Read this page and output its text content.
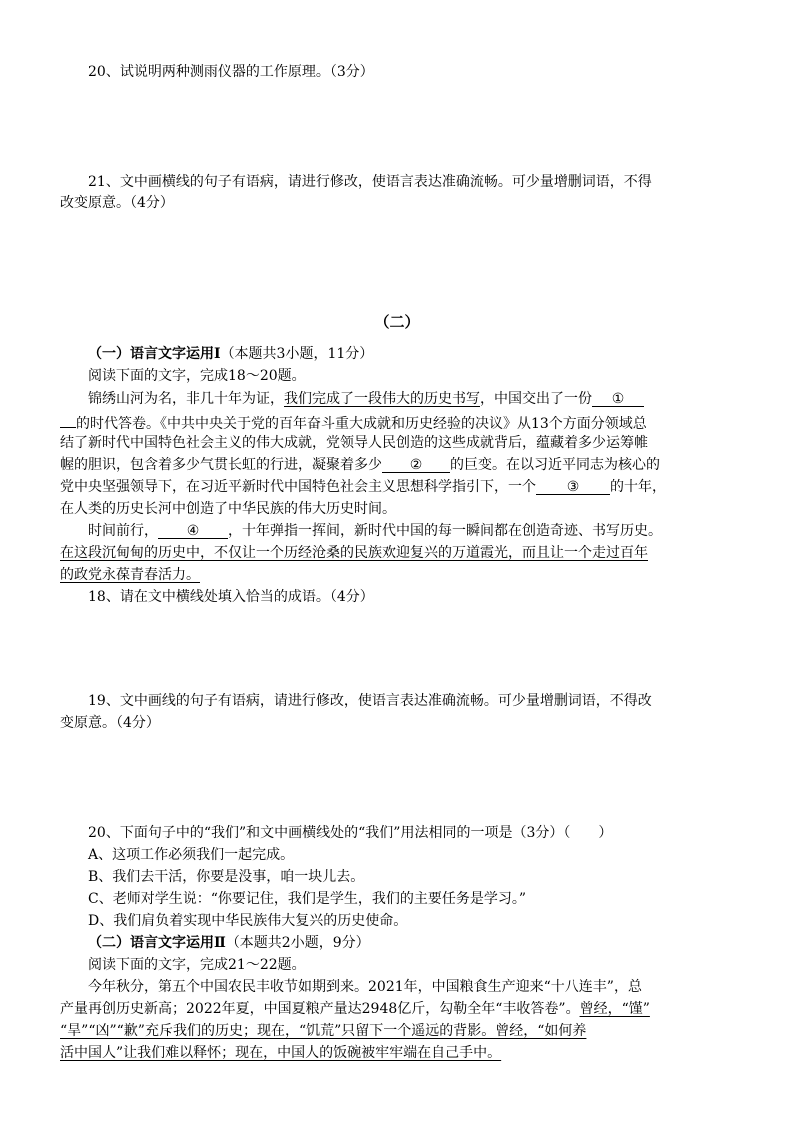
20、试说明两种测雨仪器的工作原理。（3分）
21、文中画横线的句子有语病，请进行修改，使语言表达准确流畅。可少量增删词语，不得
改变原意。（4分）
（二）
（一）语言文字运用Ⅰ（本题共3小题，11分）
阅读下面的文字，完成18～20题。
锦绣山河为名，非几十年为证，我们完成了一段伟大的历史书写，中国交出了一份 ①
的时代答卷。《中共中央关于党的百年奋斗重大成就和历史经验的决议》从13个方面分领域总
结了新时代中国特色社会主义的伟大成就，党领导人民创造的这些成就背后，蕴藏着多少运筹帷
幄的胆识，包含着多少气贯长虹的行进，凝聚着多少 ② 的巨变。在以习近平同志为核心的
党中央坚强领导下，在习近平新时代中国特色社会主义思想科学指引下，一个 ③ 的十年，
在人类的历史长河中创造了中华民族的伟大历史时间。
时间前行， ④ ，十年弹指一挥间，新时代中国的每一瞬间都在创造奇迹、书写历史。
在这段沉甸甸的历史中，不仅让一个历经沧桑的民族欢迎复兴的万道霞光，而且让一个走过百年
的政党永葆青春活力。
18、请在文中横线处填入恰当的成语。（4分）
19、文中画线的句子有语病，请进行修改，使语言表达准确流畅。可少量增删词语，不得改
变原意。（4分）
20、下面句子中的“我们”和文中画横线处的“我们”用法相同的一项是（3分）（　　）
A、这项工作必须我们一起完成。
B、我们去干活，你要是没事，咱一块儿去。
C、老师对学生说：“你要记住，我们是学生，我们的主要任务是学习。”
D、我们肩负着实现中华民族伟大复兴的历史使命。
（二）语言文字运用Ⅱ（本题共2小题，9分）
阅读下面的文字，完成21～22题。
今年秋分，第五个中国农民丰收节如期到来。2021年，中国粮食生产迎来“十八连丰”，总
产量再创历史新高；2022年夏，中国夏粮产量达2948亿斤，勾勒全年“丰收答卷”。曾经，“馑”
“旱”“凶”“歉”充斥我们的历史；现在，“饥荒”只留下一个遥远的背影。曾经，“如何养
活中国人”让我们难以释怀；现在，中国人的饭碗被牢牢端在自己手中。
